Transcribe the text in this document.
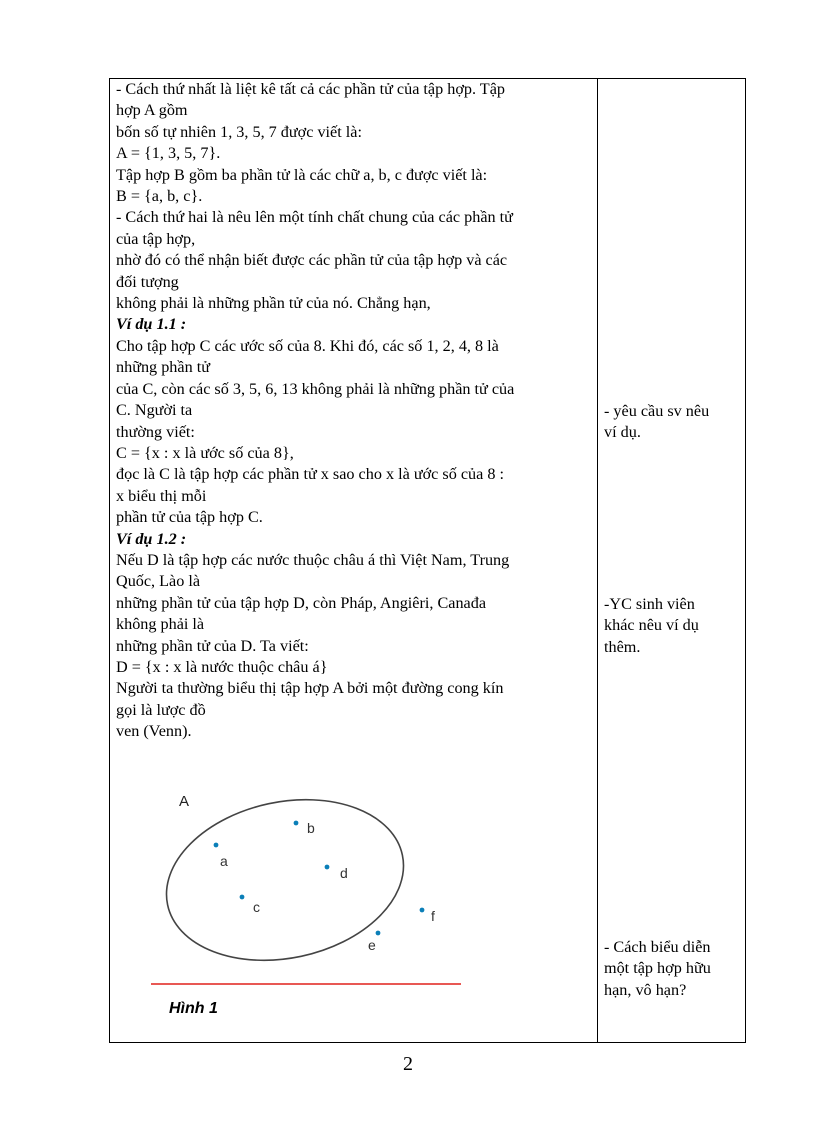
- Cách thứ nhất là liệt kê tất cả các phần tử của tập hợp. Tập
hợp A gồm
bốn số tự nhiên 1, 3, 5, 7 được viết là:
A = {1, 3, 5, 7}.
Tập hợp B gồm ba phần tử là các chữ a, b, c được viết là:
B = {a, b, c}.
- Cách thứ hai là nêu lên một tính chất chung của các phần tử
của tập hợp,
nhờ đó có thể nhận biết được các phần tử của tập hợp và các
đối tượng
không phải là những phần tử của nó. Chẳng hạn,
Ví dụ 1.1 :
Cho tập hợp C các ước số của 8. Khi đó, các số 1, 2, 4, 8 là
những phần tử
của C, còn các số 3, 5, 6, 13 không phải là những phần tử của
C. Người ta
thường viết:
C = {x : x là ước số của 8},
đọc là C là tập hợp các phần tử x sao cho x là ước số của 8 :
x biểu thị mỗi
phần tử của tập hợp C.
Ví dụ 1.2 :
Nếu D là tập hợp các nước thuộc châu á thì Việt Nam, Trung
Quốc, Lào là
những phần tử của tập hợp D, còn Pháp, Angiêri, Canađa
không phải là
những phần tử của D. Ta viết:
D = {x : x là nước thuộc châu á}
Người ta thường biểu thị tập hợp A bởi một đường cong kín
gọi là lược đồ
ven (Venn).
- yêu cầu sv nêu
ví dụ.
-YC sinh viên
khác nêu ví dụ
thêm.
- Cách biểu diễn
một tập hợp hữu
hạn, vô hạn?
A
a
b
c
d
e
f
Hình 1
2
